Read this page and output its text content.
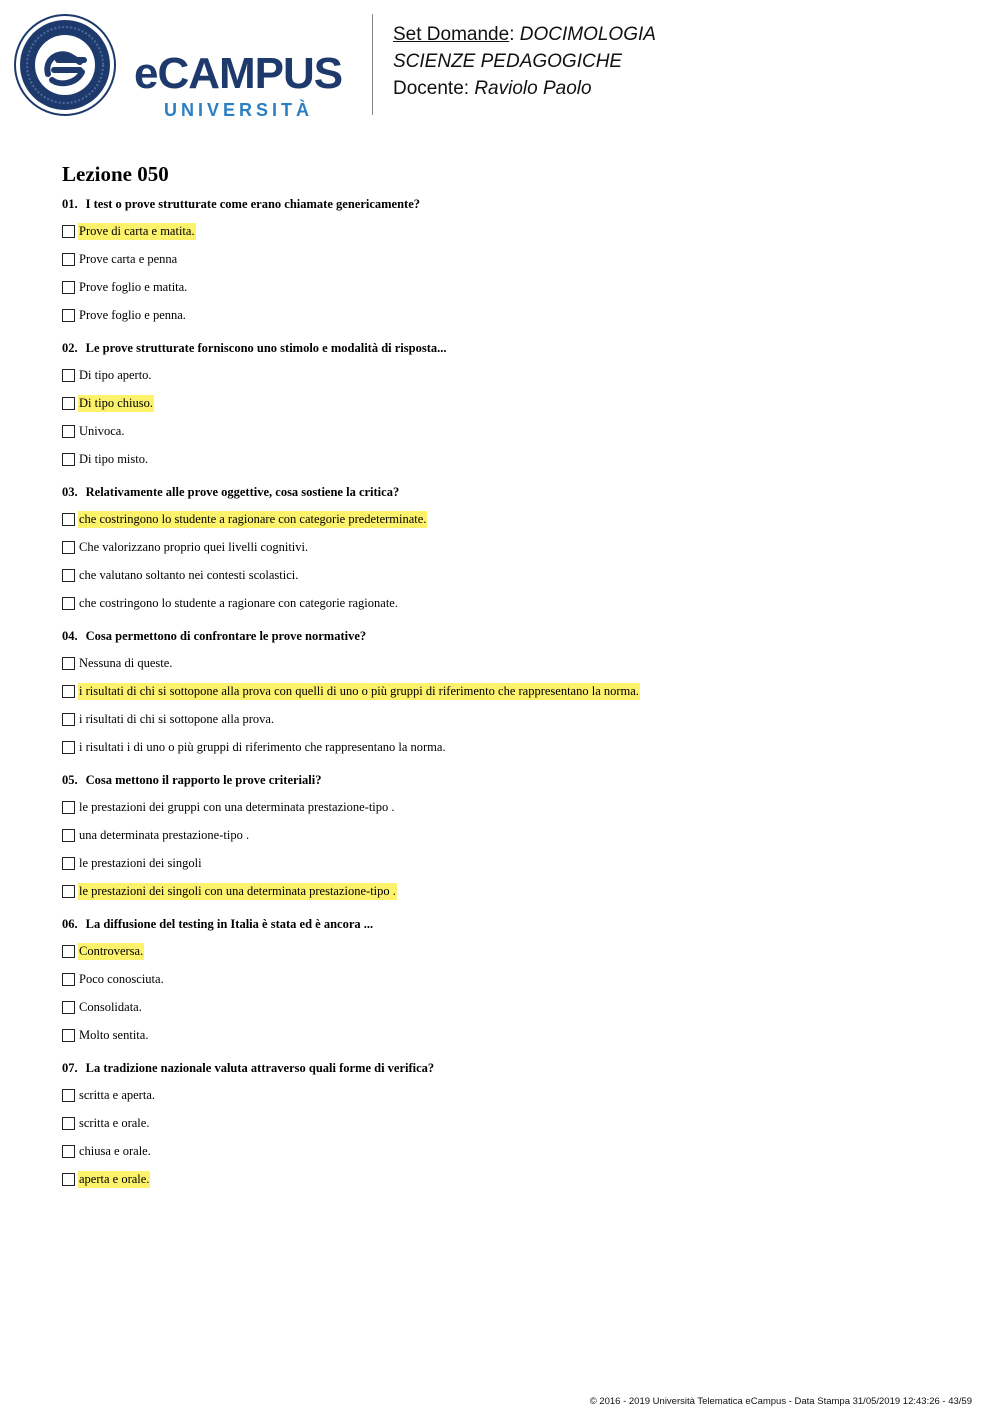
eCAMPUS
UNIVERSITÀ
Set Domande: DOCIMOLOGIA
SCIENZE PEDAGOGICHE
Docente: Raviolo Paolo
Lezione 050
01. I test o prove strutturate come erano chiamate genericamente?
Prove di carta e matita.
Prove carta e penna
Prove foglio e matita.
Prove foglio e penna.
02. Le prove strutturate forniscono uno stimolo e modalità di risposta...
Di tipo aperto.
Di tipo chiuso.
Univoca.
Di tipo misto.
03. Relativamente alle prove oggettive, cosa sostiene la critica?
che costringono lo studente a ragionare con categorie predeterminate.
Che valorizzano proprio quei livelli cognitivi.
che valutano soltanto nei contesti scolastici.
che costringono lo studente a ragionare con categorie ragionate.
04. Cosa permettono di confrontare le prove normative?
Nessuna di queste.
i risultati di chi si sottopone alla prova con quelli di uno o più gruppi di riferimento che rappresentano la norma.
i risultati di chi si sottopone alla prova.
i risultati i di uno o più gruppi di riferimento che rappresentano la norma.
05. Cosa mettono il rapporto le prove criteriali?
le prestazioni dei gruppi con una determinata prestazione-tipo .
una determinata prestazione-tipo .
le prestazioni dei singoli
le prestazioni dei singoli con una determinata prestazione-tipo .
06. La diffusione del testing in Italia è stata ed è ancora ...
Controversa.
Poco conosciuta.
Consolidata.
Molto sentita.
07. La tradizione nazionale valuta attraverso quali forme di verifica?
scritta e aperta.
scritta e orale.
chiusa e orale.
aperta e orale.
© 2016 - 2019 Università Telematica eCampus - Data Stampa 31/05/2019 12:43:26 - 43/59
